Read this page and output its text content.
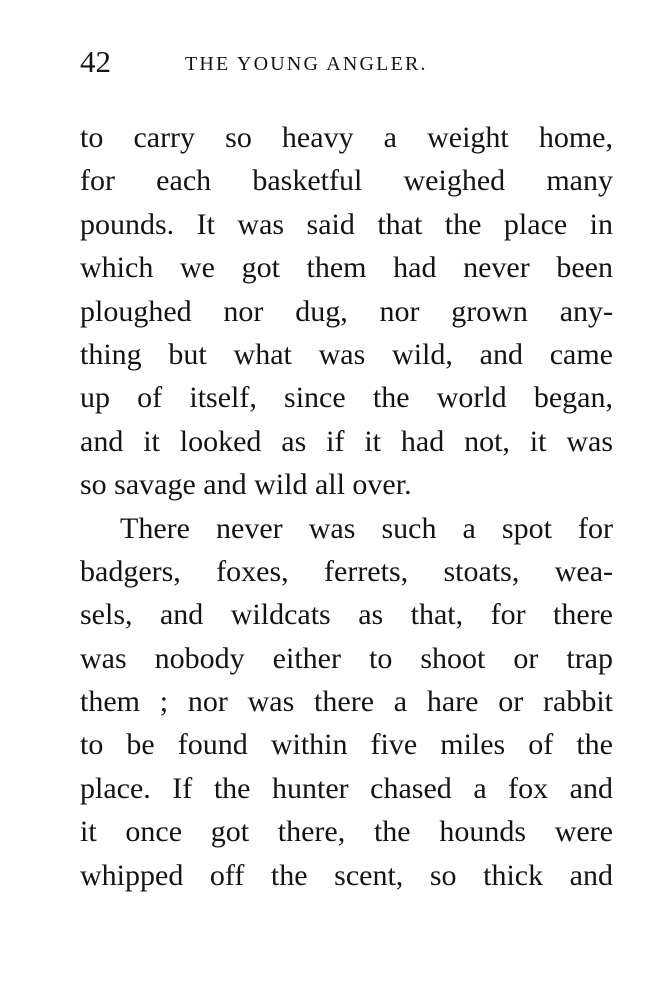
42	THE YOUNG ANGLER.
to carry so heavy a weight home,
for each basketful weighed many
pounds. It was said that the place in
which we got them had never been
ploughed nor dug, nor grown any-
thing but what was wild, and came
up of itself, since the world began,
and it looked as if it had not, it was
so savage and wild all over.
There never was such a spot for
badgers, foxes, ferrets, stoats, wea-
sels, and wildcats as that, for there
was nobody either to shoot or trap
them ; nor was there a hare or rabbit
to be found within five miles of the
place. If the hunter chased a fox and
it once got there, the hounds were
whipped off the scent, so thick and
